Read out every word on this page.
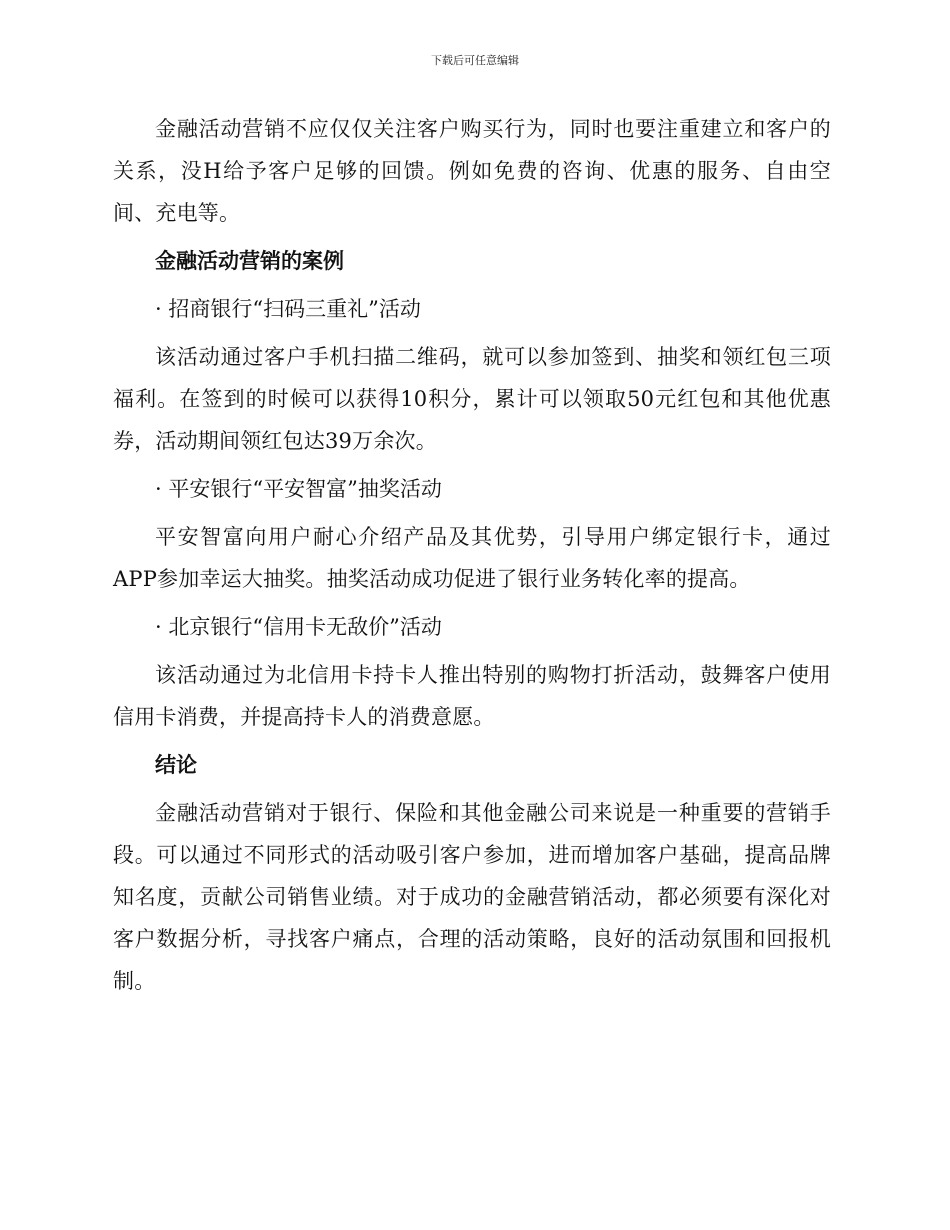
下载后可任意编辑

金融活动营销不应仅仅关注客户购买行为，同时也要注重建立和客户的关系，没H给予客户足够的回馈。例如免费的咨询、优惠的服务、自由空间、充电等。

金融活动营销的案例

· 招商银行“扫码三重礼”活动

该活动通过客户手机扫描二维码，就可以参加签到、抽奖和领红包三项福利。在签到的时候可以获得10积分，累计可以领取50元红包和其他优惠券，活动期间领红包达39万余次。

· 平安银行“平安智富”抽奖活动

平安智富向用户耐心介绍产品及其优势，引导用户绑定银行卡，通过APP参加幸运大抽奖。抽奖活动成功促进了银行业务转化率的提高。

· 北京银行“信用卡无敌价”活动

该活动通过为北信用卡持卡人推出特别的购物打折活动，鼓舞客户使用信用卡消费，并提高持卡人的消费意愿。

结论

金融活动营销对于银行、保险和其他金融公司来说是一种重要的营销手段。可以通过不同形式的活动吸引客户参加，进而增加客户基础，提高品牌知名度，贡献公司销售业绩。对于成功的金融营销活动，都必须要有深化对客户数据分析，寻找客户痛点，合理的活动策略，良好的活动氛围和回报机制。
